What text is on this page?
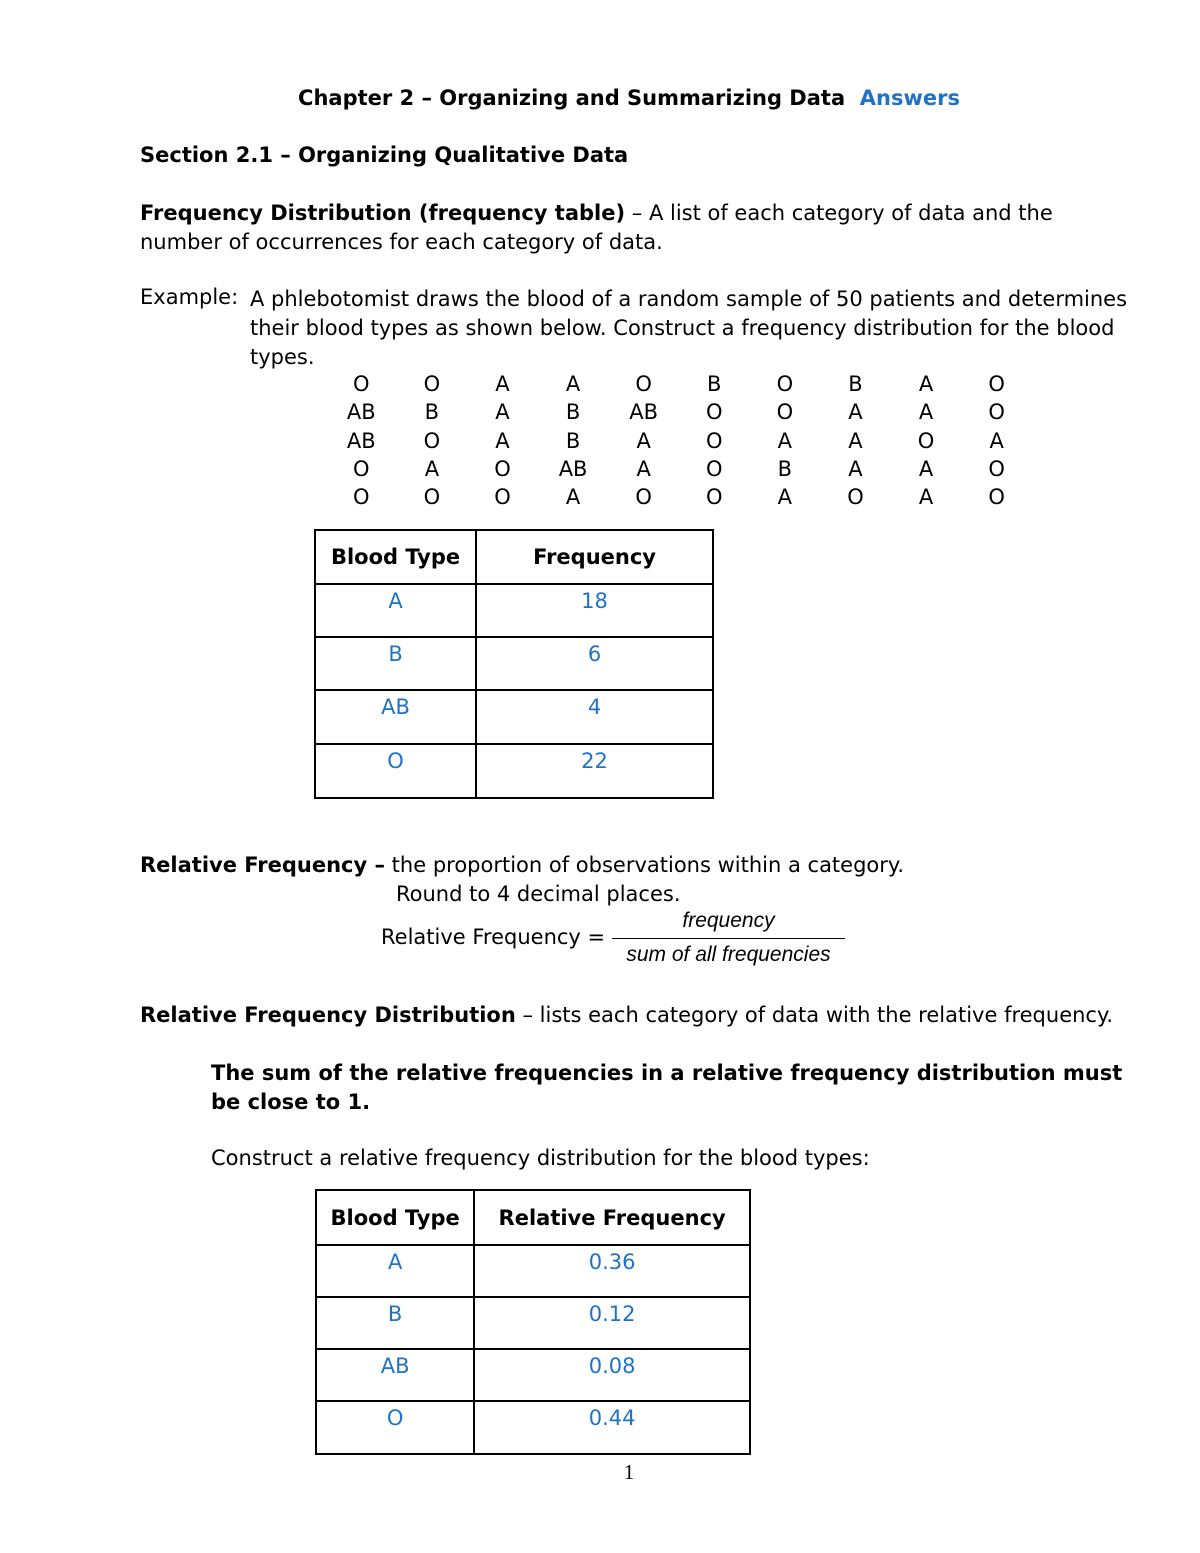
Chapter 2 – Organizing and Summarizing Data Answers
Section 2.1 – Organizing Qualitative Data
Frequency Distribution (frequency table) – A list of each category of data and the number of occurrences for each category of data.
Example: A phlebotomist draws the blood of a random sample of 50 patients and determines their blood types as shown below. Construct a frequency distribution for the blood types.
O	O	A	A	O	B	O	B	A	O
AB	B	A	B	AB	O	O	A	A	O
AB	O	A	B	A	O	A	A	O	A
O	A	O	AB	A	O	B	A	A	O
O	O	O	A	O	O	A	O	A	O
Blood Type	Frequency
A	18
B	6
AB	4
O	22
Relative Frequency – the proportion of observations within a category.
Round to 4 decimal places.
Relative Frequency =
frequency
sum of all frequencies
Relative Frequency Distribution – lists each category of data with the relative frequency.
The sum of the relative frequencies in a relative frequency distribution must be close to 1.
Construct a relative frequency distribution for the blood types:
Blood Type	Relative Frequency
A	0.36
B	0.12
AB	0.08
O	0.44
1
